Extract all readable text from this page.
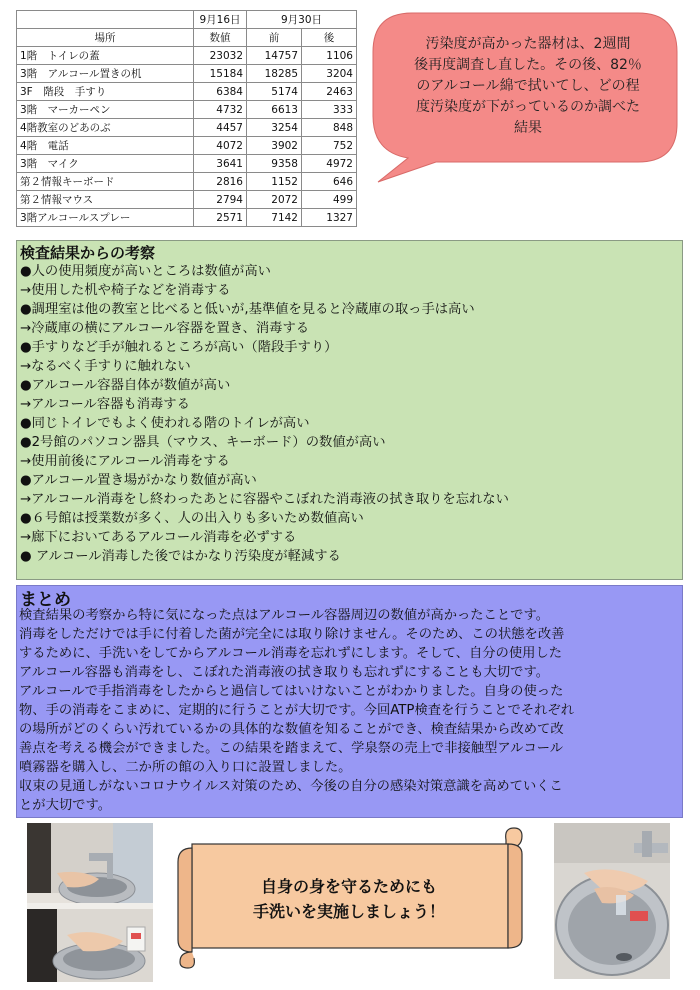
	9月16日	9月30日	
場所	数値	前	後
1階　トイレの蓋	23032	14757	1106
3階　アルコール置きの机	15184	18285	3204
3F　階段　手すり	6384	5174	2463
3階　マーカーペン	4732	6613	333
4階教室のどあのぶ	4457	3254	848
4階　電話	4072	3902	752
3階　マイク	3641	9358	4972
第２情報キーボード	2816	1152	646
第２情報マウス	2794	2072	499
3階アルコールスプレー	2571	7142	1327
汚染度が高かった器材は、2週間
後再度調査し直した。その後、82％
のアルコール綿で拭いてし、どの程
度汚染度が下がっているのか調べた
結果
検査結果からの考察
●人の使用頻度が高いところは数値が高い
→使用した机や椅子などを消毒する
●調理室は他の教室と比べると低いが,基準値を見ると冷蔵庫の取っ手は高い
→冷蔵庫の横にアルコール容器を置き、消毒する
●手すりなど手が触れるところが高い（階段手すり）
→なるべく手すりに触れない
●アルコール容器自体が数値が高い
→アルコール容器も消毒する
●同じトイレでもよく使われる階のトイレが高い
●2号館のパソコン器具（マウス、キーボード）の数値が高い
→使用前後にアルコール消毒をする
●アルコール置き場がかなり数値が高い
→アルコール消毒をし終わったあとに容器やこぼれた消毒液の拭き取りを忘れない
●６号館は授業数が多く、人の出入りも多いため数値高い
→廊下においてあるアルコール消毒を必ずする
● アルコール消毒した後ではかなり汚染度が軽減する
まとめ
検査結果の考察から特に気になった点はアルコール容器周辺の数値が高かったことです。
消毒をしただけでは手に付着した菌が完全には取り除けません。そのため、この状態を改善
するために、手洗いをしてからアルコール消毒を忘れずにします。そして、自分の使用した
アルコール容器も消毒をし、こぼれた消毒液の拭き取りも忘れずにすることも大切です。
アルコールで手指消毒をしたからと過信してはいけないことがわかりました。自身の使った
物、手の消毒をこまめに、定期的に行うことが大切です。今回ATP検査を行うことでそれぞれ
の場所がどのくらい汚れているかの具体的な数値を知ることができ、検査結果から改めて改
善点を考える機会ができました。この結果を踏まえて、学泉祭の売上で非接触型アルコール
噴霧器を購入し、二か所の館の入り口に設置しました。
収束の見通しがないコロナウイルス対策のため、今後の自分の感染対策意識を高めていくこ
とが大切です。
自身の身を守るためにも
手洗いを実施しましょう！
